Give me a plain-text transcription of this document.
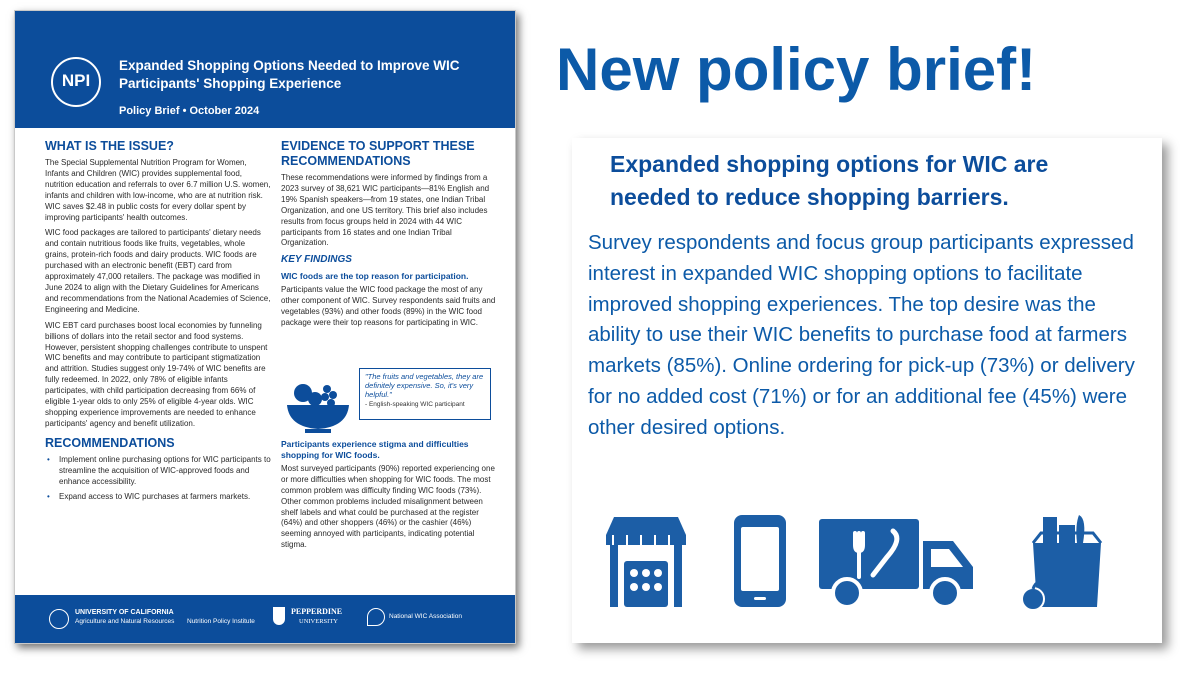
NPI
Expanded Shopping Options Needed to Improve WIC Participants' Shopping Experience
Policy Brief • October 2024
WHAT IS THE ISSUE?
The Special Supplemental Nutrition Program for Women, Infants and Children (WIC) provides supplemental food, nutrition education and referrals to over 6.7 million U.S. women, infants and children with low-income, who are at nutrition risk. WIC saves $2.48 in public costs for every dollar spent by improving participants' health outcomes.
WIC food packages are tailored to participants' dietary needs and contain nutritious foods like fruits, vegetables, whole grains, protein-rich foods and dairy products. WIC foods are purchased with an electronic benefit (EBT) card from approximately 47,000 retailers. The package was modified in June 2024 to align with the Dietary Guidelines for Americans and recommendations from the National Academies of Science, Engineering and Medicine.
WIC EBT card purchases boost local economies by funneling billions of dollars into the retail sector and food systems. However, persistent shopping challenges contribute to unspent WIC benefits and may contribute to participant stigmatization and attrition. Studies suggest only 19-74% of WIC benefits are fully redeemed. In 2022, only 78% of eligible infants participates, with child participation decreasing from 66% of eligible 1-year olds to only 25% of eligible 4-year olds. WIC shopping experience improvements are needed to enhance participants' agency and benefit utilization.
RECOMMENDATIONS
• Implement online purchasing options for WIC participants to streamline the acquisition of WIC-approved foods and enhance accessibility.
• Expand access to WIC purchases at farmers markets.
EVIDENCE TO SUPPORT THESE RECOMMENDATIONS
These recommendations were informed by findings from a 2023 survey of 38,621 WIC participants—81% English and 19% Spanish speakers—from 19 states, one Indian Tribal Organization, and one US territory. This brief also includes results from focus groups held in 2024 with 44 WIC participants from 16 states and one Indian Tribal Organization.
KEY FINDINGS
WIC foods are the top reason for participation.
Participants value the WIC food package the most of any other component of WIC. Survey respondents said fruits and vegetables (93%) and other foods (89%) in the WIC food package were their top reasons for participating in WIC.
Participants experience stigma and difficulties shopping for WIC foods.
Most surveyed participants (90%) reported experiencing one or more difficulties when shopping for WIC foods. The most common problem was difficulty finding WIC foods (73%). Other common problems included misalignment between shelf labels and what could be purchased at the register (64%) and other shoppers (46%) or the cashier (46%) seeming annoyed with participants, indicating potential stigma.
"The fruits and vegetables, they are definitely expensive. So, it's very helpful."
- English-speaking WIC participant
UNIVERSITY OF CALIFORNIA
Agriculture and Natural Resources Nutrition Policy Institute
PEPPERDINE
UNIVERSITY
National WIC Association
New policy brief!
Expanded shopping options for WIC are needed to reduce shopping barriers.
Survey respondents and focus group participants expressed interest in expanded WIC shopping options to facilitate improved shopping experiences. The top desire was the ability to use their WIC benefits to purchase food at farmers markets (85%). Online ordering for pick-up (73%) or delivery for no added cost (71%) or for an additional fee (45%) were other desired options.
